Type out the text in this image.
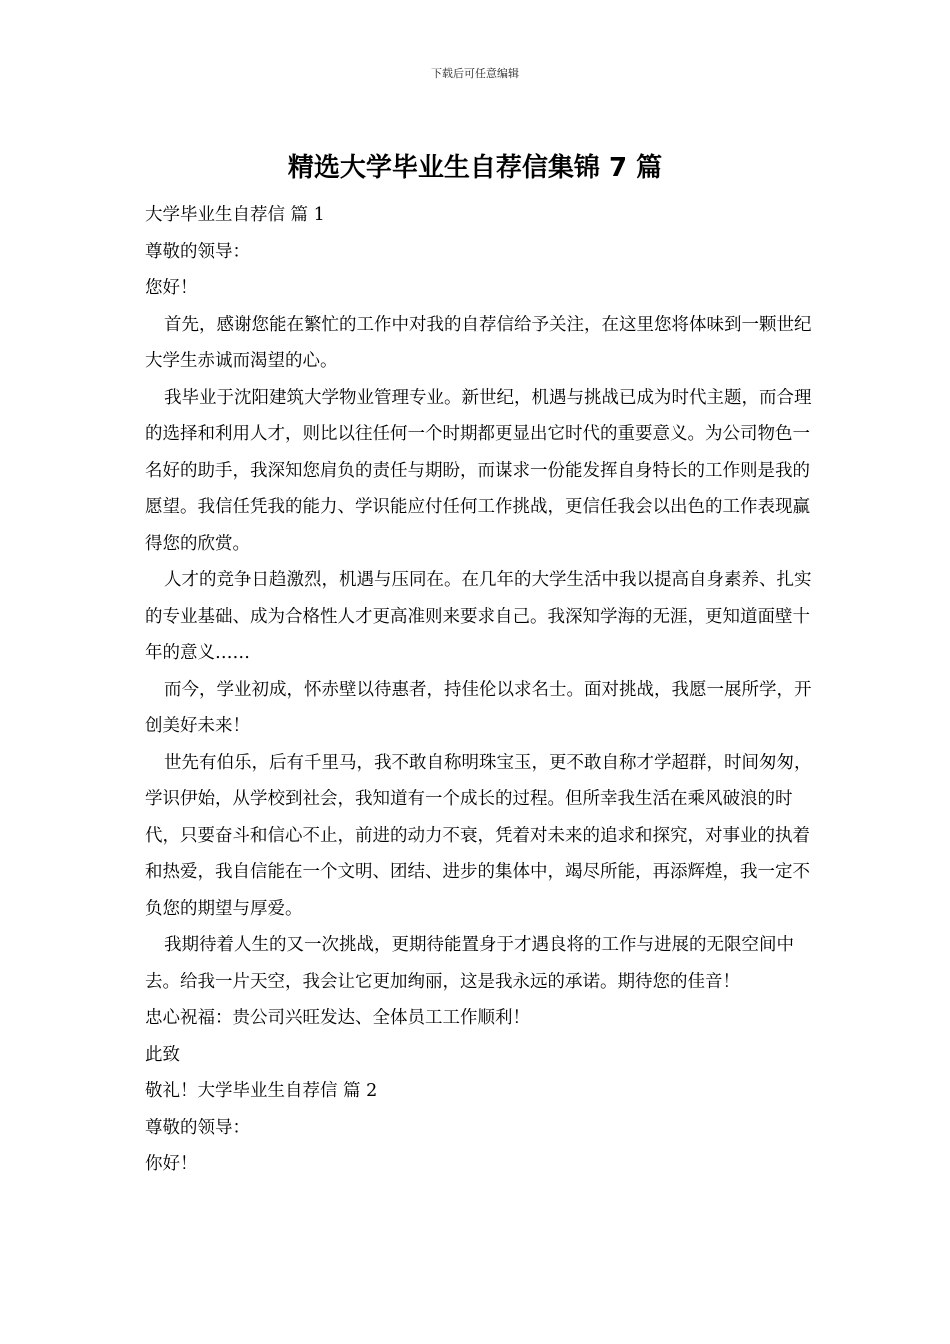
下载后可任意编辑
精选大学毕业生自荐信集锦 7 篇

大学毕业生自荐信 篇 1

尊敬的领导：

您好！

首先，感谢您能在繁忙的工作中对我的自荐信给予关注，在这里您将体味到一颗世纪大学生赤诚而渴望的心。

我毕业于沈阳建筑大学物业管理专业。新世纪，机遇与挑战已成为时代主题，而合理的选择和利用人才，则比以往任何一个时期都更显出它时代的重要意义。为公司物色一名好的助手，我深知您肩负的责任与期盼，而谋求一份能发挥自身特长的工作则是我的愿望。我信任凭我的能力、学识能应付任何工作挑战，更信任我会以出色的工作表现赢得您的欣赏。

人才的竞争日趋激烈，机遇与压同在。在几年的大学生活中我以提高自身素养、扎实的专业基础、成为合格性人才更高准则来要求自己。我深知学海的无涯，更知道面壁十年的意义……

而今，学业初成，怀赤壁以待惠者，持佳伦以求名士。面对挑战，我愿一展所学，开创美好未来！

世先有伯乐，后有千里马，我不敢自称明珠宝玉，更不敢自称才学超群，时间匆匆，学识伊始，从学校到社会，我知道有一个成长的过程。但所幸我生活在乘风破浪的时代，只要奋斗和信心不止，前进的动力不衰，凭着对未来的追求和探究，对事业的执着和热爱，我自信能在一个文明、团结、进步的集体中，竭尽所能，再添辉煌，我一定不负您的期望与厚爱。

我期待着人生的又一次挑战，更期待能置身于才遇良将的工作与进展的无限空间中去。给我一片天空，我会让它更加绚丽，这是我永远的承诺。期待您的佳音！

忠心祝福：贵公司兴旺发达、全体员工工作顺利！

此致

敬礼！大学毕业生自荐信 篇 2

尊敬的领导：

你好！
